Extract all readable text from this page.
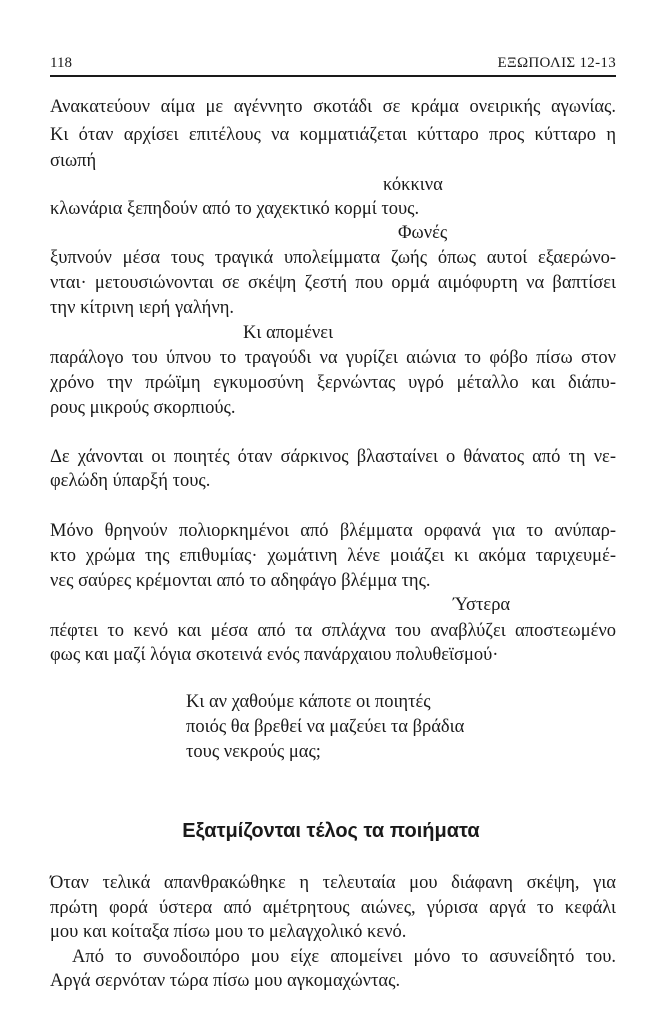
118	ΕΞΩΠΟΛΙΣ 12-13
Ανακατεύουν αίμα με αγέννητο σκοτάδι σε κράμα ονειρικής αγωνίας.
Κι όταν αρχίσει επιτέλους να κομματιάζεται κύτταρο προς κύτταρο η
σιωπή
κόκκινα
κλωνάρια ξεπηδούν από το χαχεκτικό κορμί τους.
Φωνές
ξυπνούν μέσα τους τραγικά υπολείμματα ζωής όπως αυτοί εξαερώνο-
νται· μετουσιώνονται σε σκέψη ζεστή που ορμά αιμόφυρτη να βαπτίσει
την κίτρινη ιερή γαλήνη.
Κι απομένει
παράλογο του ύπνου το τραγούδι να γυρίζει αιώνια το φόβο πίσω στον
χρόνο την πρώϊμη εγκυμοσύνη ξερνώντας υγρό μέταλλο και διάπυ-
ρους μικρούς σκορπιούς.
Δε χάνονται οι ποιητές όταν σάρκινος βλασταίνει ο θάνατος από τη νε-
φελώδη ύπαρξή τους.
Μόνο θρηνούν πολιορκημένοι από βλέμματα ορφανά για το ανύπαρ-
κτο χρώμα της επιθυμίας· χωμάτινη λένε μοιάζει κι ακόμα ταριχευμέ-
νες σαύρες κρέμονται από το αδηφάγο βλέμμα της.
Ύστερα
πέφτει το κενό και μέσα από τα σπλάχνα του αναβλύζει αποστεωμένο
φως και μαζί λόγια σκοτεινά ενός πανάρχαιου πολυθεϊσμού·
Κι αν χαθούμε κάποτε οι ποιητές
ποιός θα βρεθεί να μαζεύει τα βράδια
τους νεκρούς μας;
Εξατμίζονται τέλος τα ποιήματα
Όταν τελικά απανθρακώθηκε η τελευταία μου διάφανη σκέψη, για
πρώτη φορά ύστερα από αμέτρητους αιώνες, γύρισα αργά το κεφάλι
μου και κοίταξα πίσω μου το μελαγχολικό κενό.
Από το συνοδοιπόρο μου είχε απομείνει μόνο το ασυνείδητό του.
Αργά σερνόταν τώρα πίσω μου αγκομαχώντας.
